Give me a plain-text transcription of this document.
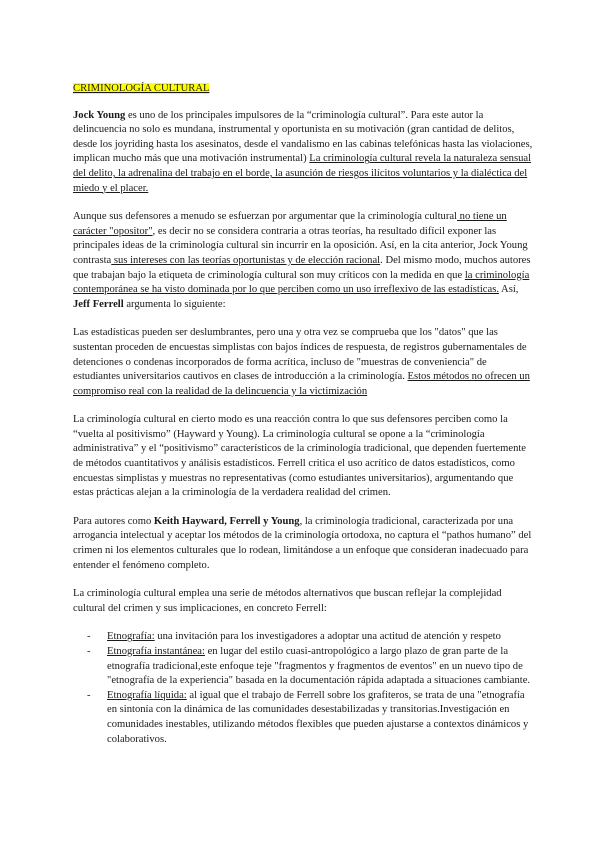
CRIMINOLOGÍA CULTURAL

Jock Young es uno de los principales impulsores de la “criminología cultural”. Para este autor la delincuencia no solo es mundana, instrumental y oportunista en su motivación (gran cantidad de delitos, desde los joyriding hasta los asesinatos, desde el vandalismo en las cabinas telefónicas hasta las violaciones, implican mucho más que una motivación instrumental) La criminología cultural revela la naturaleza sensual del delito, la adrenalina del trabajo en el borde, la asunción de riesgos ilícitos voluntarios y la dialéctica del miedo y el placer.

Aunque sus defensores a menudo se esfuerzan por argumentar que la criminología cultural no tiene un carácter "opositor", es decir no se considera contraria a otras teorías, ha resultado difícil exponer las principales ideas de la criminología cultural sin incurrir en la oposición. Así, en la cita anterior, Jock Young contrasta sus intereses con las teorías oportunistas y de elección racional. Del mismo modo, muchos autores que trabajan bajo la etiqueta de criminología cultural son muy críticos con la medida en que la criminología contemporánea se ha visto dominada por lo que perciben como un uso irreflexivo de las estadísticas. Así, Jeff Ferrell argumenta lo siguiente:

Las estadísticas pueden ser deslumbrantes, pero una y otra vez se comprueba que los "datos" que las sustentan proceden de encuestas simplistas con bajos índices de respuesta, de registros gubernamentales de detenciones o condenas incorporados de forma acrítica, incluso de "muestras de conveniencia" de estudiantes universitarios cautivos en clases de introducción a la criminología. Estos métodos no ofrecen un compromiso real con la realidad de la delincuencia y la victimización

La criminología cultural en cierto modo es una reacción contra lo que sus defensores perciben como la “vuelta al positivismo” (Hayward y Young). La criminología cultural se opone a la “criminología administrativa” y el “positivismo” característicos de la criminología tradicional, que dependen fuertemente de métodos cuantitativos y análisis estadísticos. Ferrell critica el uso acrítico de datos estadísticos, como encuestas simplistas y muestras no representativas (como estudiantes universitarios), argumentando que estas prácticas alejan a la criminología de la verdadera realidad del crimen.

Para autores como Keith Hayward, Ferrell y Young, la criminología tradicional, caracterizada por una arrogancia intelectual y aceptar los métodos de la criminología ortodoxa, no captura el “pathos humano” del crimen ni los elementos culturales que lo rodean, limitándose a un enfoque que consideran inadecuado para entender el fenómeno completo.

La criminología cultural emplea una serie de métodos alternativos que buscan reflejar la complejidad cultural del crimen y sus implicaciones, en concreto Ferrell:

- Etnografía: una invitación para los investigadores a adoptar una actitud de atención y respeto
- Etnografía instantánea: en lugar del estilo cuasi-antropológico a largo plazo de gran parte de la etnografía tradicional,este enfoque teje "fragmentos y fragmentos de eventos" en un nuevo tipo de "etnografía de la experiencia" basada en la documentación rápida adaptada a situaciones cambiante.
- Etnografía líquida: al igual que el trabajo de Ferrell sobre los grafiteros, se trata de una "etnografía en sintonía con la dinámica de las comunidades desestabilizadas y transitorias.Investigación en comunidades inestables, utilizando métodos flexibles que pueden ajustarse a contextos dinámicos y colaborativos.
